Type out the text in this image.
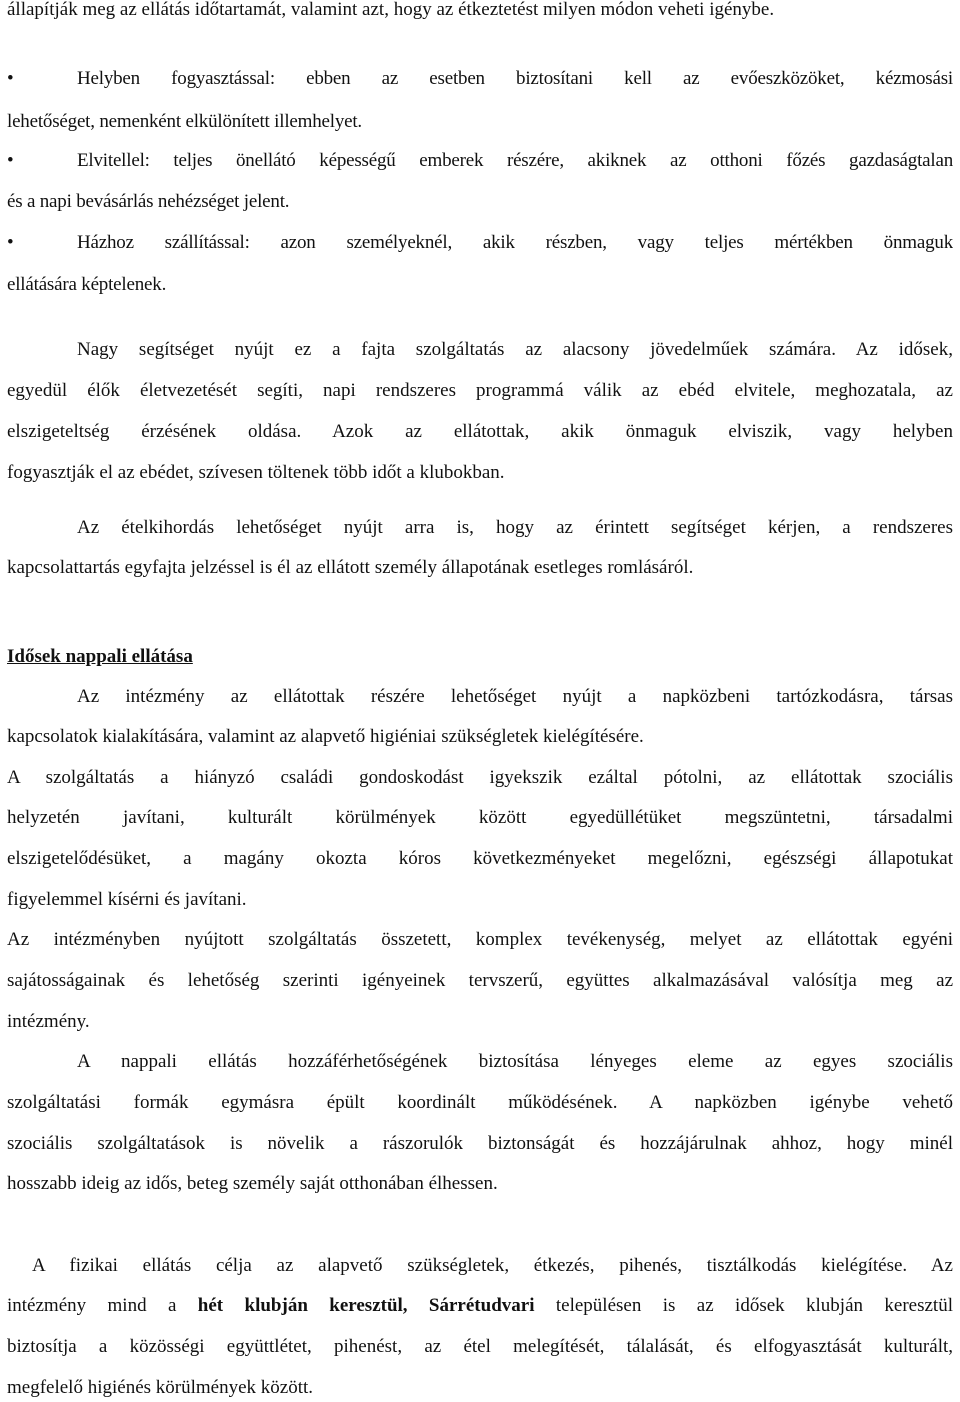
állapítják meg az ellátás időtartamát, valamint azt, hogy az étkeztetést milyen módon veheti igénybe.
•	Helyben fogyasztással: ebben az esetben biztosítani kell az evőeszközöket, kézmosási
lehetőséget, nemenként elkülönített illemhelyet.
•	Elvitellel: teljes önellátó képességű emberek részére, akiknek az otthoni főzés gazdaságtalan
és a napi bevásárlás nehézséget jelent.
•	Házhoz szállítással: azon személyeknél, akik részben, vagy teljes mértékben önmaguk
ellátására képtelenek.
Nagy segítséget nyújt ez a fajta szolgáltatás az alacsony jövedelműek számára. Az idősek,
egyedül élők életvezetését segíti, napi rendszeres programmá válik az ebéd elvitele, meghozatala, az
elszigeteltség érzésének oldása. Azok az ellátottak, akik önmaguk elviszik, vagy helyben
fogyasztják el az ebédet, szívesen töltenek több időt a klubokban.
Az ételkihordás lehetőséget nyújt arra is, hogy az érintett segítséget kérjen, a rendszeres
kapcsolattartás egyfajta jelzéssel is él az ellátott személy állapotának esetleges romlásáról.
Idősek nappali ellátása
Az intézmény az ellátottak részére lehetőséget nyújt a napközbeni tartózkodásra, társas
kapcsolatok kialakítására, valamint az alapvető higiéniai szükségletek kielégítésére.
A szolgáltatás a hiányzó családi gondoskodást igyekszik ezáltal pótolni, az ellátottak szociális
helyzetén javítani, kulturált körülmények között egyedüllétüket megszüntetni, társadalmi
elszigetelődésüket, a magány okozta kóros következményeket megelőzni, egészségi állapotukat
figyelemmel kísérni és javítani.
Az intézményben nyújtott szolgáltatás összetett, komplex tevékenység, melyet az ellátottak egyéni
sajátosságainak és lehetőség szerinti igényeinek tervszerű, együttes alkalmazásával valósítja meg az
intézmény.
A nappali ellátás hozzáférhetőségének biztosítása lényeges eleme az egyes szociális
szolgáltatási formák egymásra épült koordinált működésének. A napközben igénybe vehető
szociális szolgáltatások is növelik a rászorulók biztonságát és hozzájárulnak ahhoz, hogy minél
hosszabb ideig az idős, beteg személy saját otthonában élhessen.
A fizikai ellátás célja az alapvető szükségletek, étkezés, pihenés, tisztálkodás kielégítése. Az
intézmény mind a hét klubján keresztül, Sárrétudvari településen is az idősek klubján keresztül
biztosítja a közösségi együttlétet, pihenést, az étel melegítését, tálalását, és elfogyasztását kulturált,
megfelelő higiénés körülmények között.
